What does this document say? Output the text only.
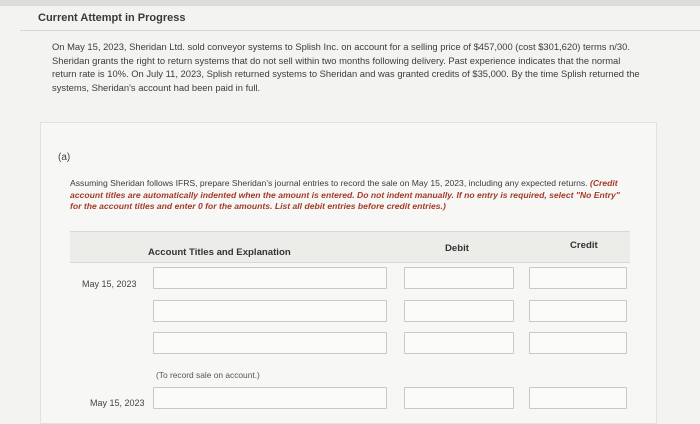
Current Attempt in Progress

On May 15, 2023, Sheridan Ltd. sold conveyor systems to Splish Inc. on account for a selling price of $457,000 (cost $301,620) terms n/30. Sheridan grants the right to return systems that do not sell within two months following delivery. Past experience indicates that the normal return rate is 10%. On July 11, 2023, Splish returned systems to Sheridan and was granted credits of $35,000. By the time Splish returned the systems, Sheridan's account had been paid in full.

(a)
Assuming Sheridan follows IFRS, prepare Sheridan's journal entries to record the sale on May 15, 2023, including any expected returns. (Credit account titles are automatically indented when the amount is entered. Do not indent manually. If no entry is required, select "No Entry" for the account titles and enter 0 for the amounts. List all debit entries before credit entries.)
Account Titles and Explanation	Debit	Credit
May 15, 2023
(To record sale on account.)
May 15, 2023
